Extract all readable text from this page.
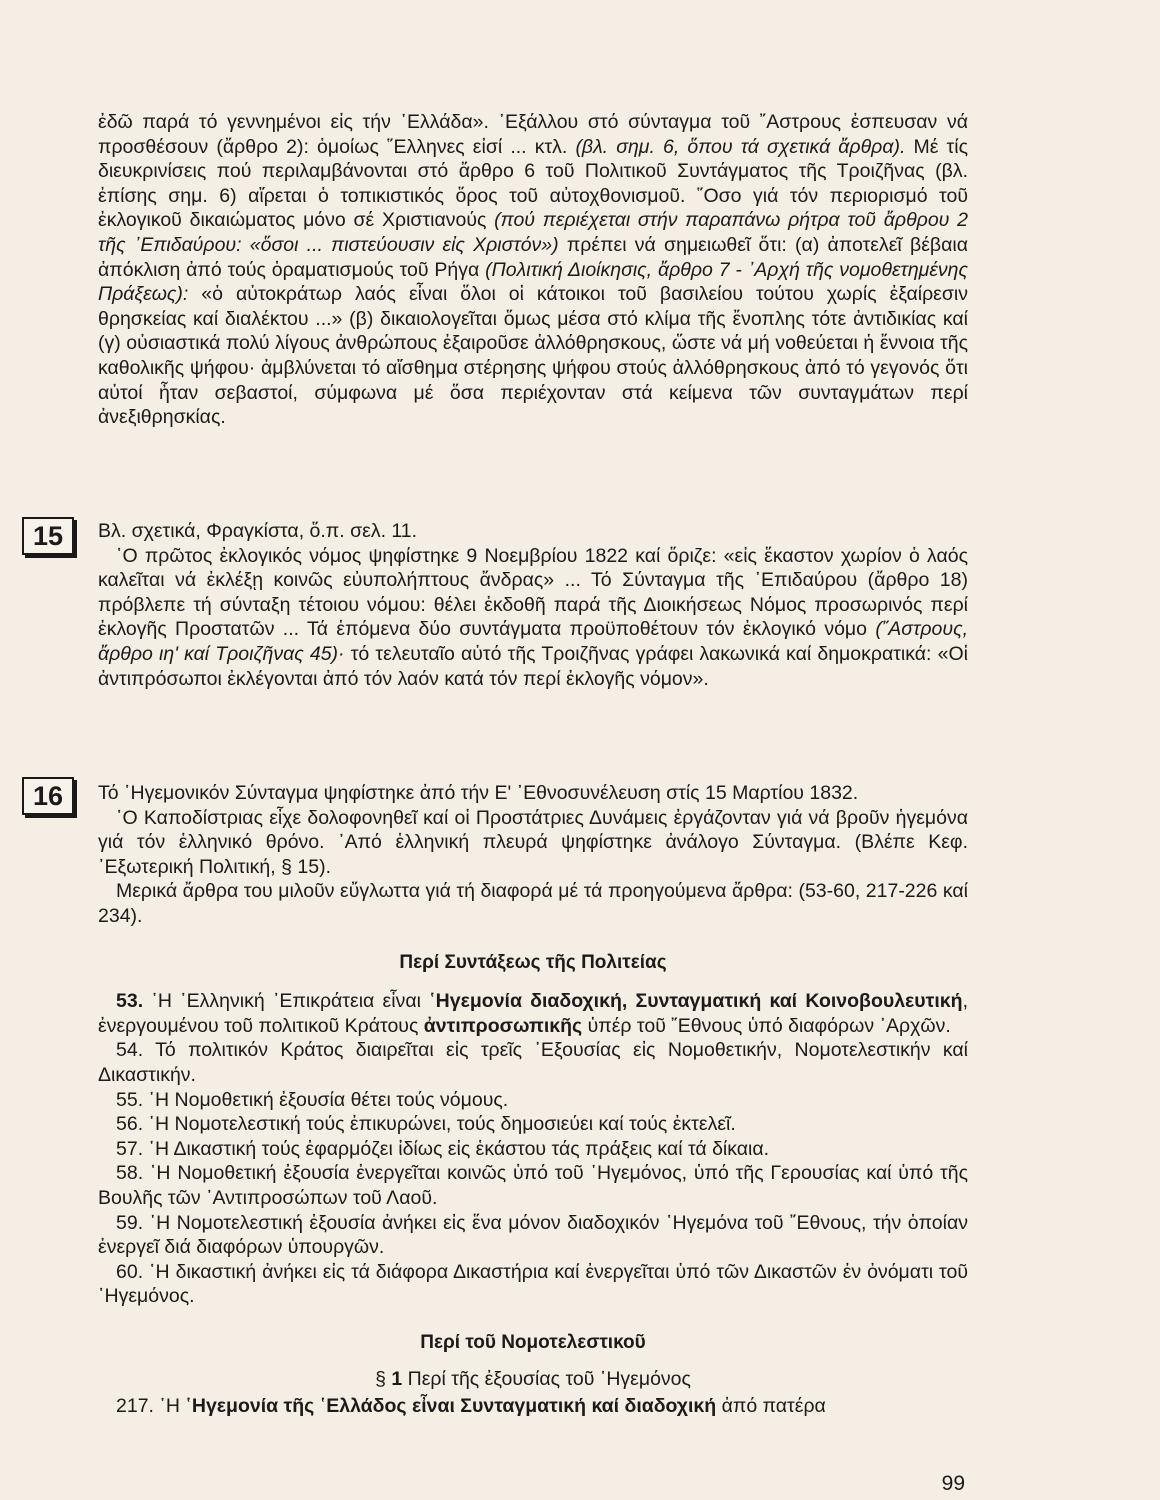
ἐδῶ παρά τό γεννημένοι εἰς τήν ῾Ελλάδα». ᾿Εξάλλου στό σύνταγμα τοῦ ῎Αστρους ἐσπευσαν νά προσθέσουν (ἄρθρο 2): ὁμοίως ῞Ελληνες εἰσί ... κτλ. (βλ. σημ. 6, ὅπου τά σχετικά ἄρθρα). Μέ τίς διευκρινίσεις πού περιλαμβάνονται στό ἄρθρο 6 τοῦ Πολιτικοῦ Συντάγματος τῆς Τροιζῆνας (βλ. ἐπίσης σημ. 6) αἴρεται ὁ τοπικιστικός ὅρος τοῦ αὐτοχθονισμοῦ. ῞Οσο γιά τόν περιορισμό τοῦ ἐκλογικοῦ δικαιώματος μόνο σέ Χριστιανούς (πού περιέχεται στήν παραπάνω ρήτρα τοῦ ἄρθρου 2 τῆς ᾿Επιδαύρου: «ὅσοι ... πιστεύουσιν εἰς Χριστόν») πρέπει νά σημειωθεῖ ὅτι: (α) ἀποτελεῖ βέβαια ἀπόκλιση ἀπό τούς ὁραματισμούς τοῦ Ρήγα (Πολιτική Διοίκησις, ἄρθρο 7 - ᾿Αρχή τῆς νομοθετημένης Πράξεως): «ὁ αὐτοκράτωρ λαός εἶναι ὅλοι οἱ κάτοικοι τοῦ βασιλείου τούτου χωρίς ἐξαίρεσιν θρησκείας καί διαλέκτου ...» (β) δικαιολογεῖται ὅμως μέσα στό κλίμα τῆς ἔνοπλης τότε ἀντιδικίας καί (γ) οὐσιαστικά πολύ λίγους ἀνθρώπους ἐξαιροῦσε ἀλλόθρησκους, ὥστε νά μή νοθεύεται ἡ ἔννοια τῆς καθολικῆς ψήφου· ἀμβλύνεται τό αἴσθημα στέρησης ψήφου στούς ἀλλόθρησκους ἀπό τό γεγονός ὅτι αὐτοί ἦταν σεβαστοί, σύμφωνα μέ ὅσα περιέχονταν στά κείμενα τῶν συνταγμάτων περί ἀνεξιθρησκίας.

15	Βλ. σχετικά, Φραγκίστα, ὅ.π. σελ. 11.

῾Ο πρῶτος ἐκλογικός νόμος ψηφίστηκε 9 Νοεμβρίου 1822 καί ὅριζε: «εἰς ἕκαστον χωρίον ὁ λαός καλεῖται νά ἐκλέξῃ κοινῶς εὐυπολήπτους ἄνδρας» ... Τό Σύνταγμα τῆς ᾿Επιδαύρου (ἄρθρο 18) πρόβλεπε τή σύνταξη τέτοιου νόμου: θέλει ἐκδοθῆ παρά τῆς Διοικήσεως Νόμος προσωρινός περί ἐκλογῆς Προστατῶν ... Τά ἑπόμενα δύο συντάγματα προϋποθέτουν τόν ἐκλογικό νόμο (῎Αστρους, ἄρθρο ιη' καί Τροιζῆνας 45)· τό τελευταῖο αὐτό τῆς Τροιζῆνας γράφει λακωνικά καί δημοκρατικά: «Οἱ ἀντιπρόσωποι ἐκλέγονται ἀπό τόν λαόν κατά τόν περί ἐκλογῆς νόμον».

16	Τό ῾Ηγεμονικόν Σύνταγμα ψηφίστηκε ἀπό τήν Ε' ᾿Εθνοσυνέλευση στίς 15 Μαρτίου 1832.

῾Ο Καποδίστριας εἶχε δολοφονηθεῖ καί οἱ Προστάτριες Δυνάμεις ἐργάζονταν γιά νά βροῦν ἡγεμόνα γιά τόν ἑλληνικό θρόνο. ᾿Από ἑλληνική πλευρά ψηφίστηκε ἀνάλογο Σύνταγμα. (Βλέπε Κεφ. ᾿Εξωτερική Πολιτική, § 15).

Μερικά ἄρθρα του μιλοῦν εὔγλωττα γιά τή διαφορά μέ τά προηγούμενα ἄρθρα: (53-60, 217-226 καί 234).

Περί Συντάξεως τῆς Πολιτείας

53. ῾Η ῾Ελληνική ᾿Επικράτεια εἶναι ῾Ηγεμονία διαδοχική, Συνταγματική καί Κοινοβουλευτική, ἐνεργουμένου τοῦ πολιτικοῦ Κράτους ἀντιπροσωπικῆς ὑπέρ τοῦ ῎Εθνους ὑπό διαφόρων ᾿Αρχῶν.

54. Τό πολιτικόν Κράτος διαιρεῖται εἰς τρεῖς ᾿Εξουσίας εἰς Νομοθετικήν, Νομοτελεστικήν καί Δικαστικήν.

55. ῾Η Νομοθετική ἐξουσία θέτει τούς νόμους.

56. ῾Η Νομοτελεστική τούς ἐπικυρώνει, τούς δημοσιεύει καί τούς ἐκτελεῖ.

57. ῾Η Δικαστική τούς ἐφαρμόζει ἰδίως εἰς ἑκάστου τάς πράξεις καί τά δίκαια.

58. ῾Η Νομοθετική ἐξουσία ἐνεργεῖται κοινῶς ὑπό τοῦ ῾Ηγεμόνος, ὑπό τῆς Γερουσίας καί ὑπό τῆς Βουλῆς τῶν ᾿Αντιπροσώπων τοῦ Λαοῦ.

59. ῾Η Νομοτελεστική ἐξουσία ἀνήκει εἰς ἕνα μόνον διαδοχικόν ῾Ηγεμόνα τοῦ ῎Εθνους, τήν ὁποίαν ἐνεργεῖ διά διαφόρων ὑπουργῶν.

60. ῾Η δικαστική ἀνήκει εἰς τά διάφορα Δικαστήρια καί ἐνεργεῖται ὑπό τῶν Δικαστῶν ἐν ὀνόματι τοῦ ῾Ηγεμόνος.

Περί τοῦ Νομοτελεστικοῦ

§ 1 Περί τῆς ἐξουσίας τοῦ ῾Ηγεμόνος

217. ῾Η ῾Ηγεμονία τῆς ῾Ελλάδος εἶναι Συνταγματική καί διαδοχική ἀπό πατέρα

99
